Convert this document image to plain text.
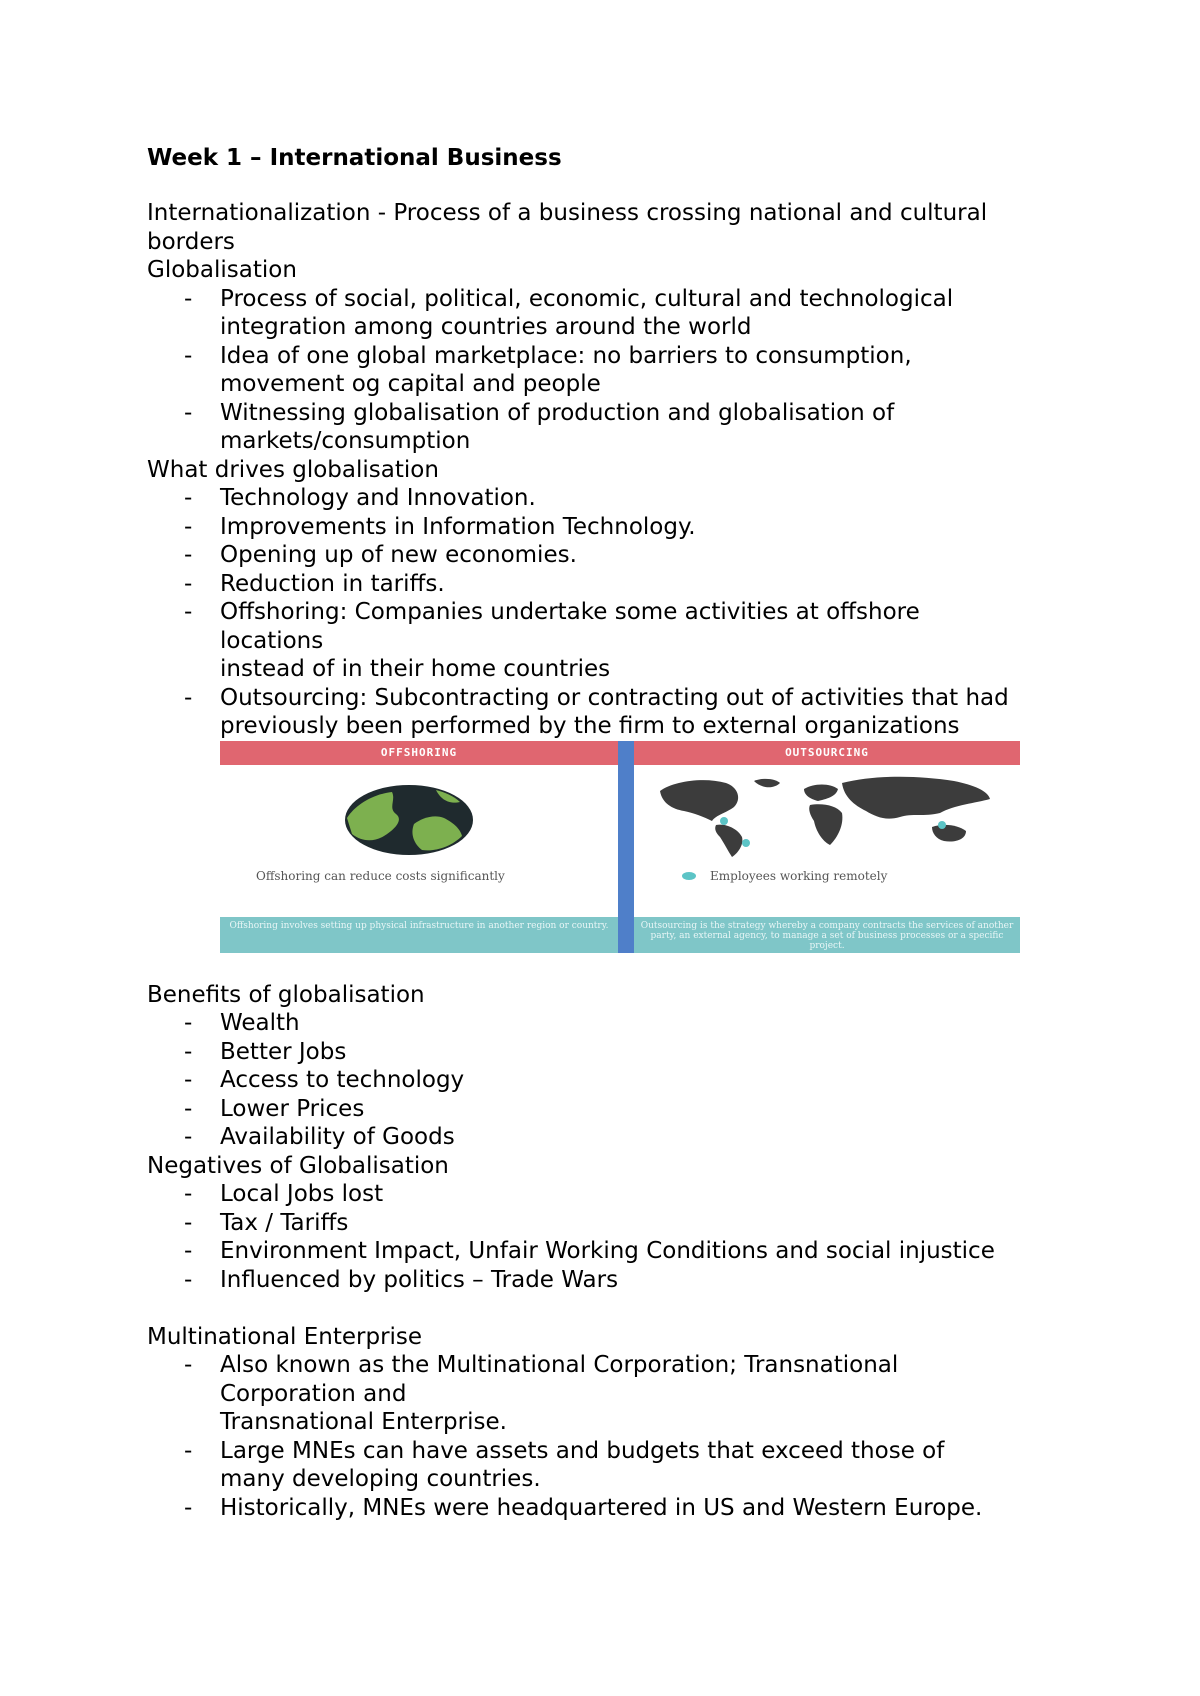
Week 1 – International Business

Internationalization - Process of a business crossing national and cultural
borders

Globalisation

- Process of social, political, economic, cultural and technological
integration among countries around the world
- Idea of one global marketplace: no barriers to consumption,
movement og capital and people
- Witnessing globalisation of production and globalisation of
markets/consumption

What drives globalisation

- Technology and Innovation.
- Improvements in Information Technology.
- Opening up of new economies.
- Reduction in tariffs.
- Offshoring: Companies undertake some activities at offshore
locations
instead of in their home countries
- Outsourcing: Subcontracting or contracting out of activities that had
previously been performed by the firm to external organizations
OFFSHORING
Offshoring can reduce costs significantly
Offshoring involves setting up physical infrastructure in another region or country.
OUTSOURCING
Employees working remotely
Outsourcing is the strategy whereby a company contracts the services of another party, an external agency, to manage a set of business processes or a specific project.

Benefits of globalisation

- Wealth
- Better Jobs
- Access to technology
- Lower Prices
- Availability of Goods

Negatives of Globalisation

- Local Jobs lost
- Tax / Tariffs
- Environment Impact, Unfair Working Conditions and social injustice
- Influenced by politics – Trade Wars

Multinational Enterprise

- Also known as the Multinational Corporation; Transnational
Corporation and
Transnational Enterprise.
- Large MNEs can have assets and budgets that exceed those of
many developing countries.
- Historically, MNEs were headquartered in US and Western Europe.
